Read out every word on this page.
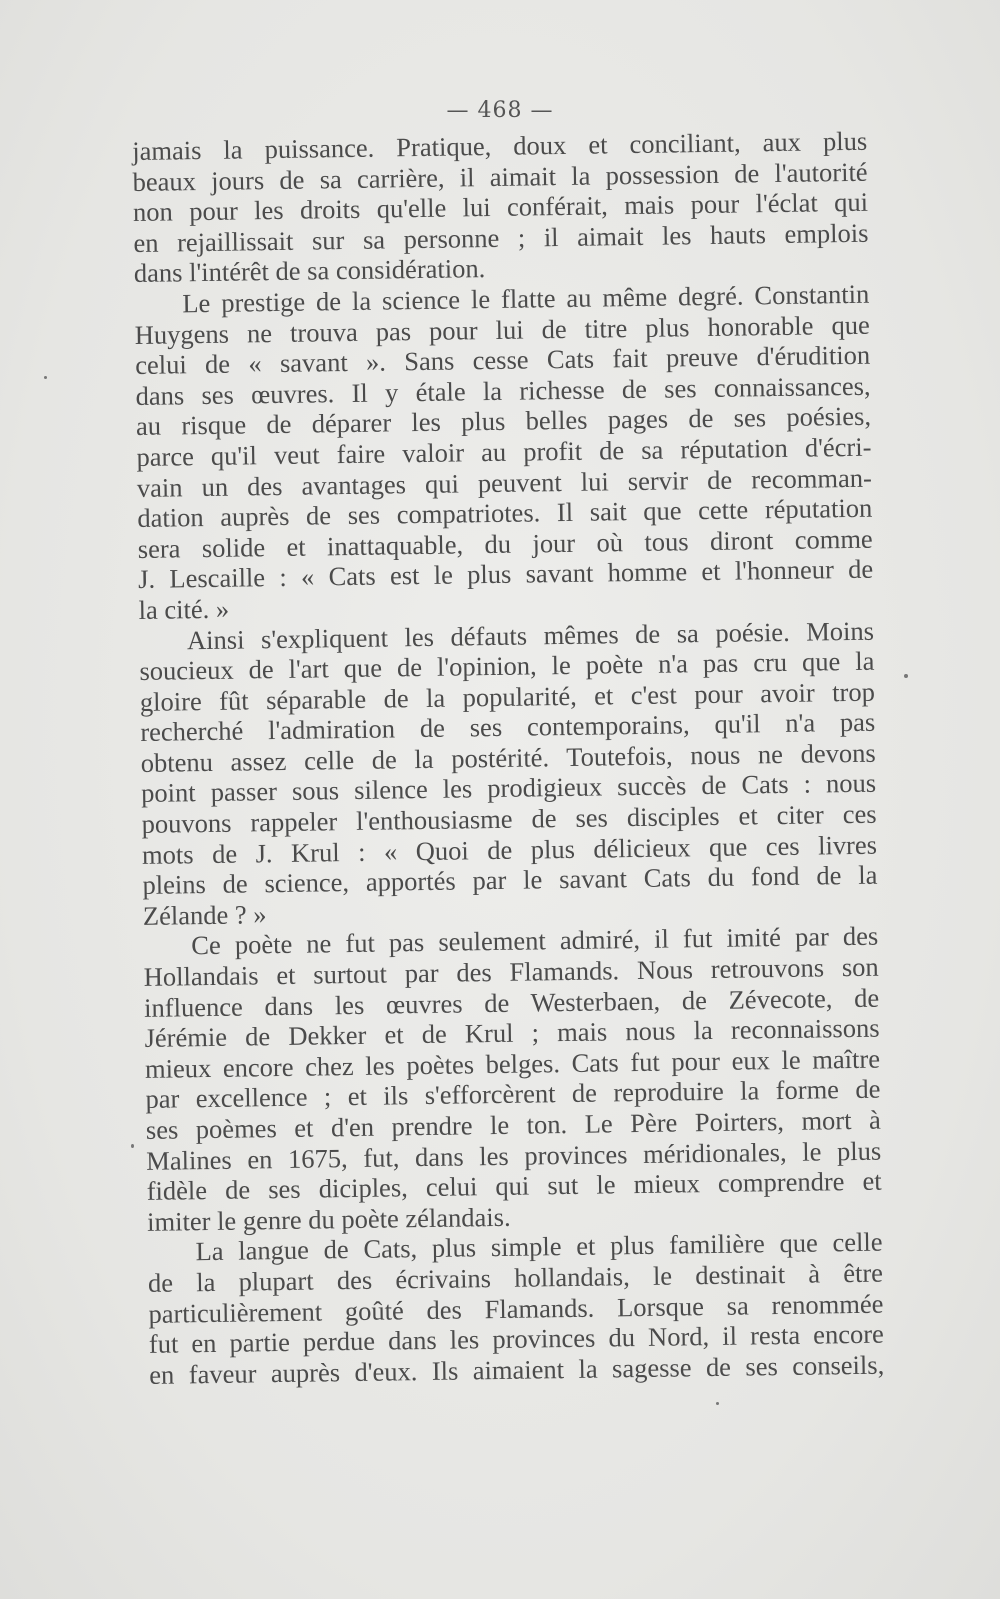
— 468 —
jamais la puissance. Pratique, doux et conciliant, aux plus
beaux jours de sa carrière, il aimait la possession de l'autorité
non pour les droits qu'elle lui conférait, mais pour l'éclat qui
en rejaillissait sur sa personne ; il aimait les hauts emplois
dans l'intérêt de sa considération.
Le prestige de la science le flatte au même degré. Constantin
Huygens ne trouva pas pour lui de titre plus honorable que
celui de « savant ». Sans cesse Cats fait preuve d'érudition
dans ses œuvres. Il y étale la richesse de ses connaissances,
au risque de déparer les plus belles pages de ses poésies,
parce qu'il veut faire valoir au profit de sa réputation d'écri-
vain un des avantages qui peuvent lui servir de recomman-
dation auprès de ses compatriotes. Il sait que cette réputation
sera solide et inattaquable, du jour où tous diront comme
J. Lescaille : « Cats est le plus savant homme et l'honneur de
la cité. »
Ainsi s'expliquent les défauts mêmes de sa poésie. Moins
soucieux de l'art que de l'opinion, le poète n'a pas cru que la
gloire fût séparable de la popularité, et c'est pour avoir trop
recherché l'admiration de ses contemporains, qu'il n'a pas
obtenu assez celle de la postérité. Toutefois, nous ne devons
point passer sous silence les prodigieux succès de Cats : nous
pouvons rappeler l'enthousiasme de ses disciples et citer ces
mots de J. Krul : « Quoi de plus délicieux que ces livres
pleins de science, apportés par le savant Cats du fond de la
Zélande ? »
Ce poète ne fut pas seulement admiré, il fut imité par des
Hollandais et surtout par des Flamands. Nous retrouvons son
influence dans les œuvres de Westerbaen, de Zévecote, de
Jérémie de Dekker et de Krul ; mais nous la reconnaissons
mieux encore chez les poètes belges. Cats fut pour eux le maître
par excellence ; et ils s'efforcèrent de reproduire la forme de
ses poèmes et d'en prendre le ton. Le Père Poirters, mort à
Malines en 1675, fut, dans les provinces méridionales, le plus
fidèle de ses diciples, celui qui sut le mieux comprendre et
imiter le genre du poète zélandais.
La langue de Cats, plus simple et plus familière que celle
de la plupart des écrivains hollandais, le destinait à être
particulièrement goûté des Flamands. Lorsque sa renommée
fut en partie perdue dans les provinces du Nord, il resta encore
en faveur auprès d'eux. Ils aimaient la sagesse de ses conseils,
